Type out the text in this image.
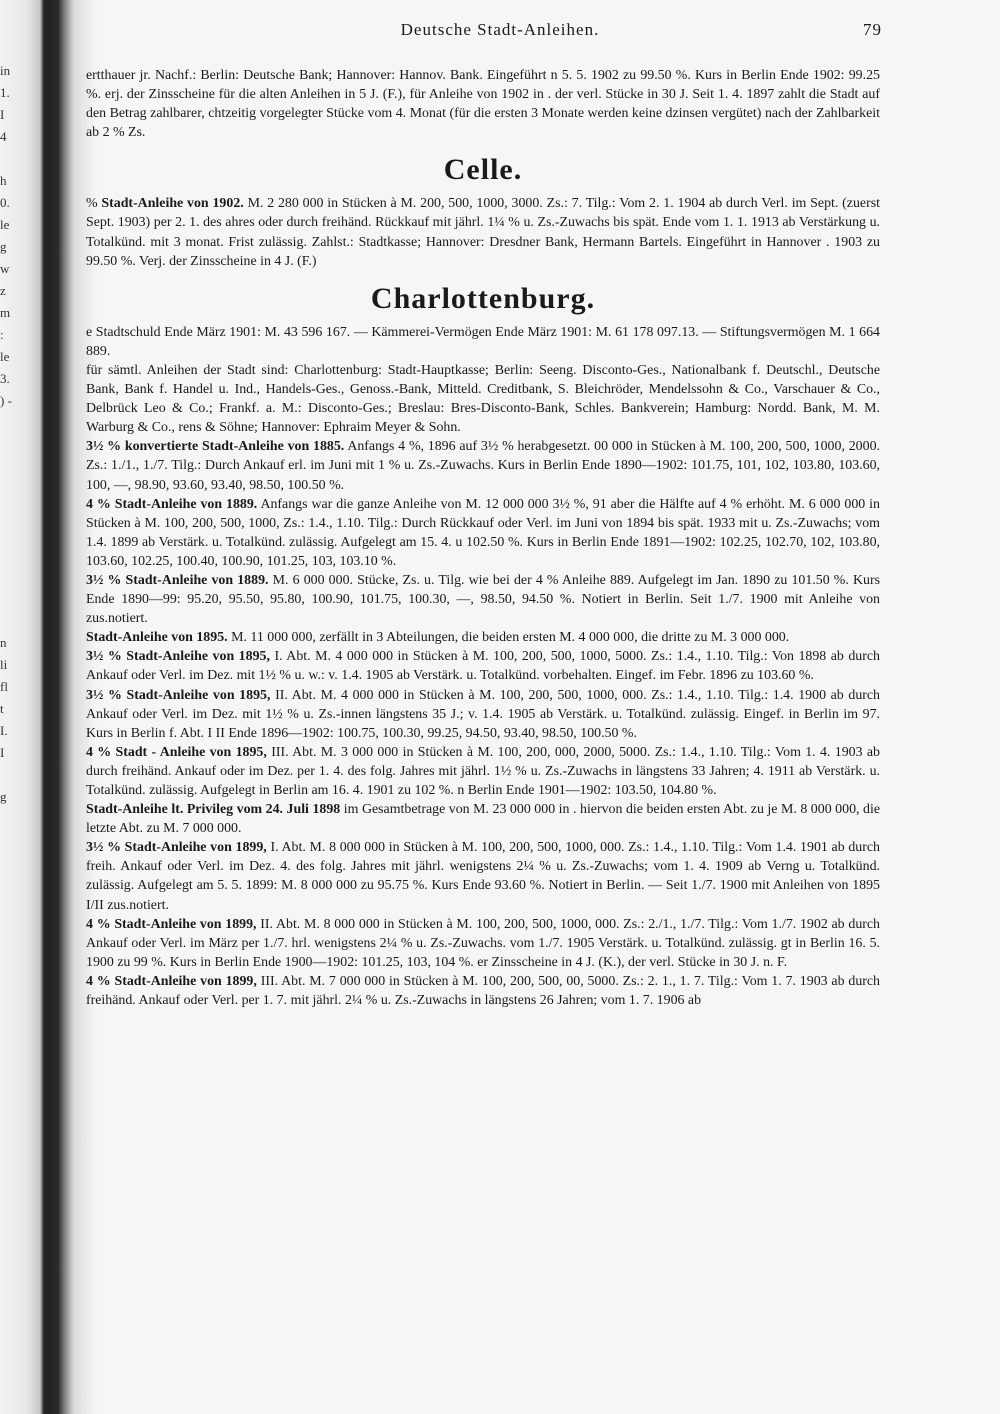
in
1.
I
4
h
0.
le
g
w
z
m
:
le
3.
) -
n
li
fl
t
I.
I
g
Deutsche Stadt-Anleihen.	79

ertthauer jr. Nachf.: Berlin: Deutsche Bank; Hannover: Hannov. Bank. Eingeführt n 5. 5. 1902 zu 99.50 %. Kurs in Berlin Ende 1902: 99.25 %. erj. der Zinsscheine für die alten Anleihen in 5 J. (F.), für Anleihe von 1902 in . der verl. Stücke in 30 J. Seit 1. 4. 1897 zahlt die Stadt auf den Betrag zahlbarer, chtzeitig vorgelegter Stücke vom 4. Monat (für die ersten 3 Monate werden keine dzinsen vergütet) nach der Zahlbarkeit ab 2 % Zs.

Celle.

% Stadt-Anleihe von 1902. M. 2 280 000 in Stücken à M. 200, 500, 1000, 3000. Zs.: 7. Tilg.: Vom 2. 1. 1904 ab durch Verl. im Sept. (zuerst Sept. 1903) per 2. 1. des ahres oder durch freihänd. Rückkauf mit jährl. 1¼ % u. Zs.-Zuwachs bis spät. Ende vom 1. 1. 1913 ab Verstärkung u. Totalkünd. mit 3 monat. Frist zulässig. Zahlst.: Stadtkasse; Hannover: Dresdner Bank, Hermann Bartels. Eingeführt in Hannover . 1903 zu 99.50 %. Verj. der Zinsscheine in 4 J. (F.)

Charlottenburg.

e Stadtschuld Ende März 1901: M. 43 596 167. — Kämmerei-Vermögen Ende März 1901: M. 61 178 097.13. — Stiftungsvermögen M. 1 664 889.

für sämtl. Anleihen der Stadt sind: Charlottenburg: Stadt-Hauptkasse; Berlin: Seeng. Disconto-Ges., Nationalbank f. Deutschl., Deutsche Bank, Bank f. Handel u. Ind., Handels-Ges., Genoss.-Bank, Mitteld. Creditbank, S. Bleichröder, Mendelssohn & Co., Varschauer & Co., Delbrück Leo & Co.; Frankf. a. M.: Disconto-Ges.; Breslau: Bres-Disconto-Bank, Schles. Bankverein; Hamburg: Nordd. Bank, M. M. Warburg & Co., rens & Söhne; Hannover: Ephraim Meyer & Sohn.

3½ % konvertierte Stadt-Anleihe von 1885. Anfangs 4 %, 1896 auf 3½ % herabgesetzt. 00 000 in Stücken à M. 100, 200, 500, 1000, 2000. Zs.: 1./1., 1./7. Tilg.: Durch Ankauf erl. im Juni mit 1 % u. Zs.-Zuwachs. Kurs in Berlin Ende 1890—1902: 101.75, 101, 102, 103.80, 103.60, 100, —, 98.90, 93.60, 93.40, 98.50, 100.50 %.

4 % Stadt-Anleihe von 1889. Anfangs war die ganze Anleihe von M. 12 000 000 3½ %, 91 aber die Hälfte auf 4 % erhöht. M. 6 000 000 in Stücken à M. 100, 200, 500, 1000, Zs.: 1.4., 1.10. Tilg.: Durch Rückkauf oder Verl. im Juni von 1894 bis spät. 1933 mit u. Zs.-Zuwachs; vom 1.4. 1899 ab Verstärk. u. Totalkünd. zulässig. Aufgelegt am 15. 4. u 102.50 %. Kurs in Berlin Ende 1891—1902: 102.25, 102.70, 102, 103.80, 103.60, 102.25, 100.40, 100.90, 101.25, 103, 103.10 %.

3½ % Stadt-Anleihe von 1889. M. 6 000 000. Stücke, Zs. u. Tilg. wie bei der 4 % Anleihe 889. Aufgelegt im Jan. 1890 zu 101.50 %. Kurs Ende 1890—99: 95.20, 95.50, 95.80, 100.90, 101.75, 100.30, —, 98.50, 94.50 %. Notiert in Berlin. Seit 1./7. 1900 mit Anleihe von zus.notiert.

Stadt-Anleihe von 1895. M. 11 000 000, zerfällt in 3 Abteilungen, die beiden ersten M. 4 000 000, die dritte zu M. 3 000 000.

3½ % Stadt-Anleihe von 1895, I. Abt. M. 4 000 000 in Stücken à M. 100, 200, 500, 1000, 5000. Zs.: 1.4., 1.10. Tilg.: Von 1898 ab durch Ankauf oder Verl. im Dez. mit 1½ % u. w.: v. 1.4. 1905 ab Verstärk. u. Totalkünd. vorbehalten. Eingef. im Febr. 1896 zu 103.60 %.

3½ % Stadt-Anleihe von 1895, II. Abt. M. 4 000 000 in Stücken à M. 100, 200, 500, 1000, 000. Zs.: 1.4., 1.10. Tilg.: 1.4. 1900 ab durch Ankauf oder Verl. im Dez. mit 1½ % u. Zs.-innen längstens 35 J.; v. 1.4. 1905 ab Verstärk. u. Totalkünd. zulässig. Eingef. in Berlin im 97. Kurs in Berlin f. Abt. I II Ende 1896—1902: 100.75, 100.30, 99.25, 94.50, 93.40, 98.50, 100.50 %.

4 % Stadt - Anleihe von 1895, III. Abt. M. 3 000 000 in Stücken à M. 100, 200, 000, 2000, 5000. Zs.: 1.4., 1.10. Tilg.: Vom 1. 4. 1903 ab durch freihänd. Ankauf oder im Dez. per 1. 4. des folg. Jahres mit jährl. 1½ % u. Zs.-Zuwachs in längstens 33 Jahren; 4. 1911 ab Verstärk. u. Totalkünd. zulässig. Aufgelegt in Berlin am 16. 4. 1901 zu 102 %. n Berlin Ende 1901—1902: 103.50, 104.80 %.

Stadt-Anleihe lt. Privileg vom 24. Juli 1898 im Gesamtbetrage von M. 23 000 000 in . hiervon die beiden ersten Abt. zu je M. 8 000 000, die letzte Abt. zu M. 7 000 000.

3½ % Stadt-Anleihe von 1899, I. Abt. M. 8 000 000 in Stücken à M. 100, 200, 500, 1000, 000. Zs.: 1.4., 1.10. Tilg.: Vom 1.4. 1901 ab durch freih. Ankauf oder Verl. im Dez. 4. des folg. Jahres mit jährl. wenigstens 2¼ % u. Zs.-Zuwachs; vom 1. 4. 1909 ab Verng u. Totalkünd. zulässig. Aufgelegt am 5. 5. 1899: M. 8 000 000 zu 95.75 %. Kurs Ende 93.60 %. Notiert in Berlin. — Seit 1./7. 1900 mit Anleihen von 1895 I/II zus.notiert.

4 % Stadt-Anleihe von 1899, II. Abt. M. 8 000 000 in Stücken à M. 100, 200, 500, 1000, 000. Zs.: 2./1., 1./7. Tilg.: Vom 1./7. 1902 ab durch Ankauf oder Verl. im März per 1./7. hrl. wenigstens 2¼ % u. Zs.-Zuwachs. vom 1./7. 1905 Verstärk. u. Totalkünd. zulässig. gt in Berlin 16. 5. 1900 zu 99 %. Kurs in Berlin Ende 1900—1902: 101.25, 103, 104 %. er Zinsscheine in 4 J. (K.), der verl. Stücke in 30 J. n. F.

4 % Stadt-Anleihe von 1899, III. Abt. M. 7 000 000 in Stücken à M. 100, 200, 500, 00, 5000. Zs.: 2. 1., 1. 7. Tilg.: Vom 1. 7. 1903 ab durch freihänd. Ankauf oder Verl. per 1. 7. mit jährl. 2¼ % u. Zs.-Zuwachs in längstens 26 Jahren; vom 1. 7. 1906 ab
